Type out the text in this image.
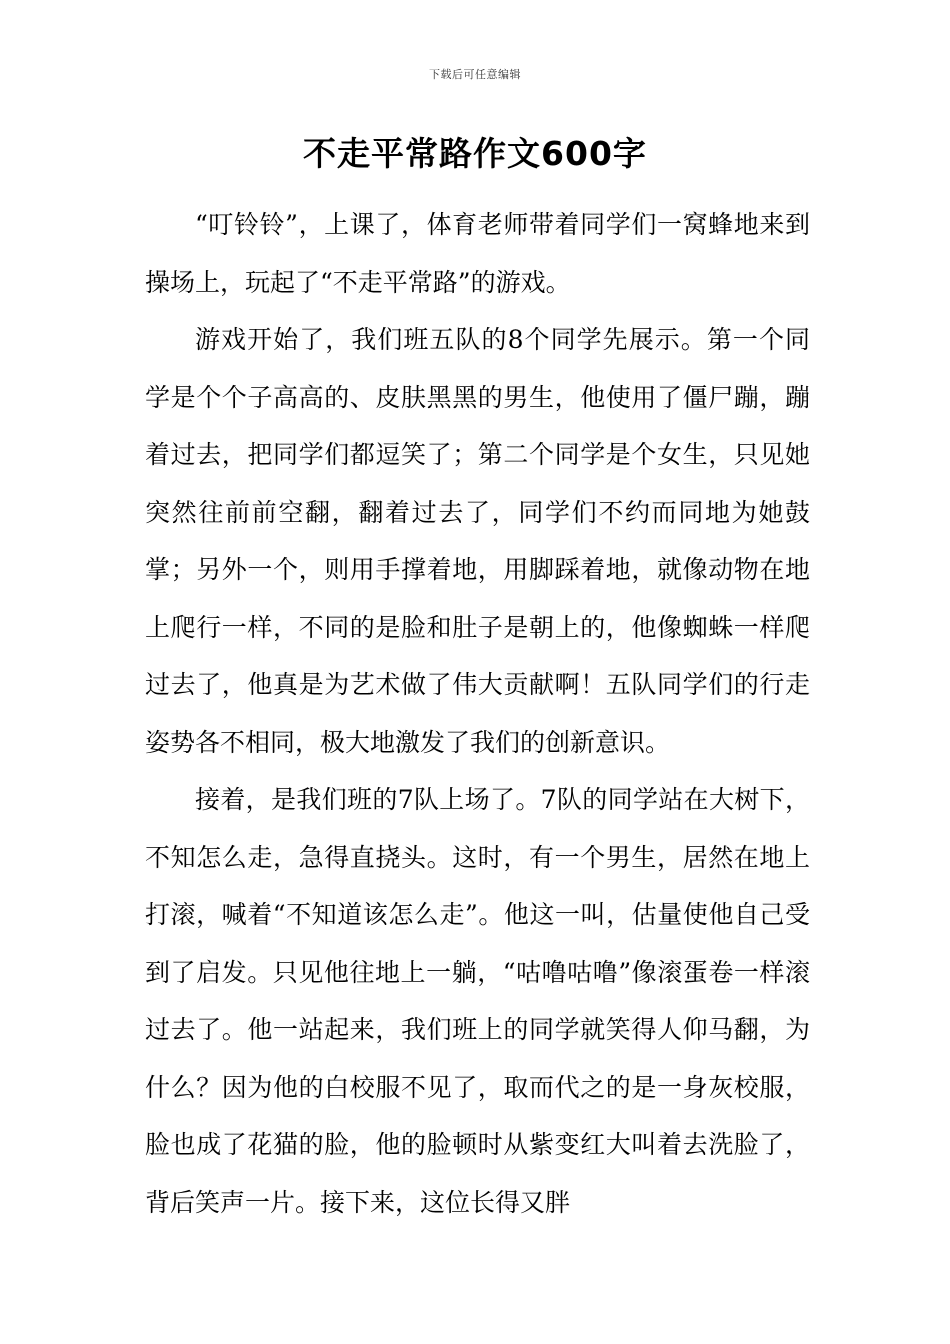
下载后可任意编辑
不走平常路作文600字

“叮铃铃”，上课了，体育老师带着同学们一窝蜂地来到操场上，玩起了“不走平常路”的游戏。

游戏开始了，我们班五队的8个同学先展示。第一个同学是个个子高高的、皮肤黑黑的男生，他使用了僵尸蹦，蹦着过去，把同学们都逗笑了；第二个同学是个女生，只见她突然往前前空翻，翻着过去了，同学们不约而同地为她鼓掌；另外一个，则用手撑着地，用脚踩着地，就像动物在地上爬行一样，不同的是脸和肚子是朝上的，他像蜘蛛一样爬过去了，他真是为艺术做了伟大贡献啊！五队同学们的行走姿势各不相同，极大地激发了我们的创新意识。

接着，是我们班的7队上场了。7队的同学站在大树下，不知怎么走，急得直挠头。这时，有一个男生，居然在地上打滚，喊着“不知道该怎么走”。他这一叫，估量使他自己受到了启发。只见他往地上一躺，“咕噜咕噜”像滚蛋卷一样滚过去了。他一站起来，我们班上的同学就笑得人仰马翻，为什么？因为他的白校服不见了，取而代之的是一身灰校服，脸也成了花猫的脸，他的脸顿时从紫变红大叫着去洗脸了，背后笑声一片。接下来，这位长得又胖
